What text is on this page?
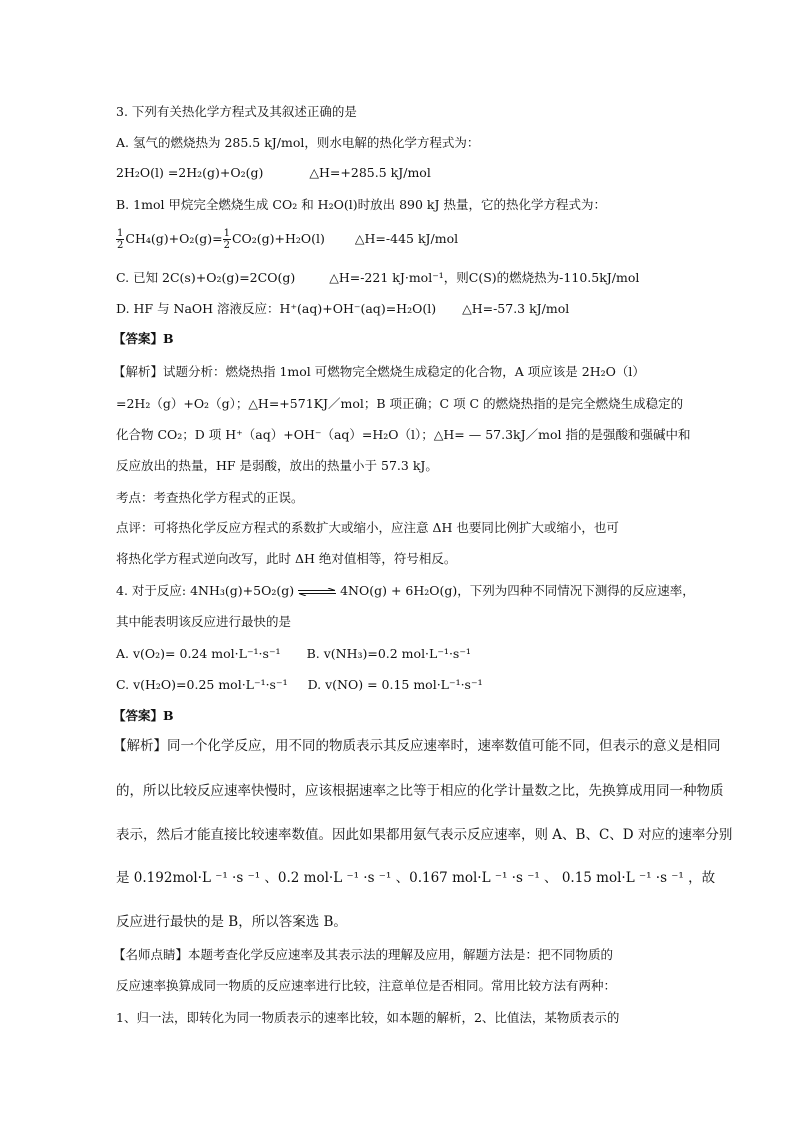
3. 下列有关热化学方程式及其叙述正确的是
A. 氢气的燃烧热为 285.5 kJ/mol，则水电解的热化学方程式为：
2H₂O(l) =2H₂(g)+O₂(g)	△H=+285.5 kJ/mol
B. 1mol 甲烷完全燃烧生成 CO₂ 和 H₂O(l)时放出 890 kJ 热量，它的热化学方程式为：
$\frac{1}{2} CH_4(g)+O_2(g)= \frac{1}{2} CO_2(g)+H_2O(l)$ △H=-445 kJ/mol
C. 已知 2C(s)+O₂(g)=2CO(g)	△H=-221 kJ·mol⁻¹，则C(S)的燃烧热为-110.5kJ/mol
D. HF 与 NaOH 溶液反应：H⁺(aq)+OH⁻(aq)=H₂O(l) △H=-57.3 kJ/mol
【答案】B
【解析】试题分析：燃烧热指 1mol 可燃物完全燃烧生成稳定的化合物，A 项应该是 2H₂O（l）
=2H₂（g）+O₂（g）；△H=+571KJ／mol；B 项正确；C 项 C 的燃烧热指的是完全燃烧生成稳定的
化合物 CO₂；D 项 H⁺（aq）+OH⁻（aq）=H₂O（l）；△H= — 57.3kJ／mol 指的是强酸和强碱中和
反应放出的热量，HF 是弱酸，放出的热量小于 57.3 kJ。
考点：考查热化学方程式的正误。
点评：可将热化学反应方程式的系数扩大或缩小，应注意 ΔH 也要同比例扩大或缩小，也可
将热化学方程式逆向改写，此时 ΔH 绝对值相等，符号相反。
4. 对于反应: 4NH₃(g)+5O₂(g) ⇌ 4NO(g) + 6H₂O(g)，下列为四种不同情况下测得的反应速率，
其中能表明该反应进行最快的是
A. v(O₂)= 0.24 mol·L⁻¹·s⁻¹ B. v(NH₃)=0.2 mol·L⁻¹·s⁻¹
C. v(H₂O)=0.25 mol·L⁻¹·s⁻¹ D. v(NO) = 0.15 mol·L⁻¹·s⁻¹
【答案】B
【解析】同一个化学反应，用不同的物质表示其反应速率时，速率数值可能不同，但表示的意义是相同
的，所以比较反应速率快慢时，应该根据速率之比等于相应的化学计量数之比，先换算成用同一种物质
表示，然后才能直接比较速率数值。因此如果都用氨气表示反应速率，则 A、B、C、D 对应的速率分别
是 0.192mol·L ⁻¹ ·s ⁻¹ 、0.2 mol·L ⁻¹ ·s ⁻¹ 、0.167 mol·L ⁻¹ ·s ⁻¹ 、 0.15 mol·L ⁻¹ ·s ⁻¹ ，故
反应进行最快的是 B，所以答案选 B。
【名师点睛】本题考查化学反应速率及其表示法的理解及应用，解题方法是：把不同物质的
反应速率换算成同一物质的反应速率进行比较，注意单位是否相同。常用比较方法有两种：
1、归一法，即转化为同一物质表示的速率比较，如本题的解析，2、比值法，某物质表示的
